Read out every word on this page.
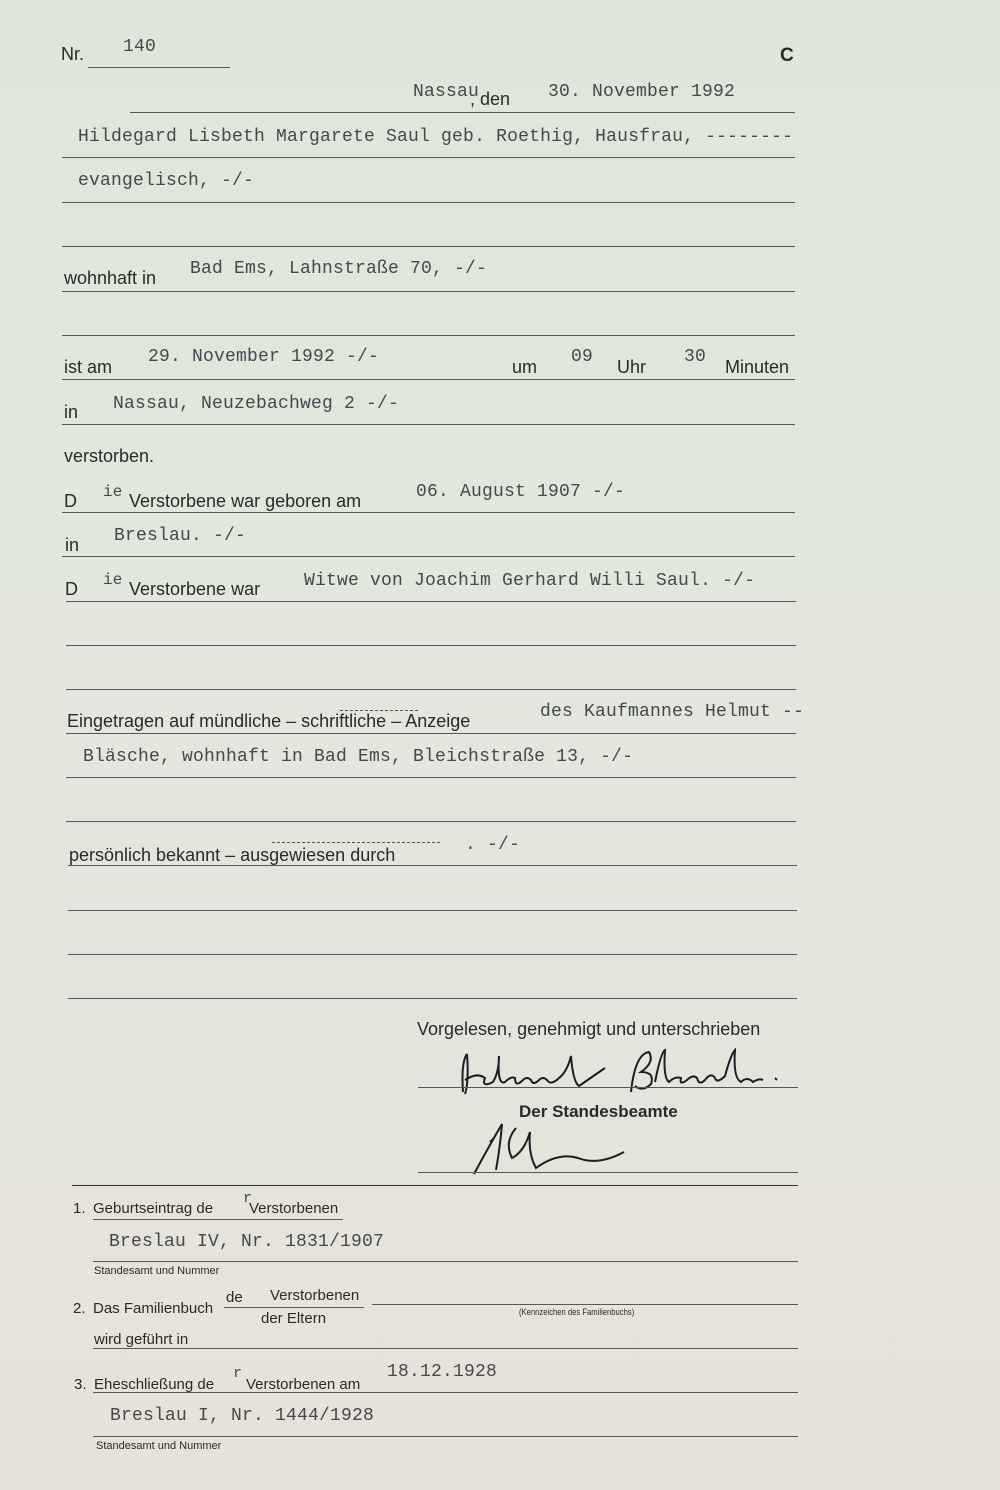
Nr. 140	C
Nassau
, den 30. November 1992
Hildegard Lisbeth Margarete Saul geb. Roethig, Hausfrau, --------
evangelisch, -/-
wohnhaft in Bad Ems, Lahnstraße 70, -/-
ist am 29. November 1992 -/-	um 09 Uhr 30 Minuten
in Nassau, Neuzebachweg 2 -/-
verstorben.
D ie Verstorbene war geboren am	06. August 1907 -/-
in Breslau. -/-
D ie Verstorbene war Witwe von Joachim Gerhard Willi Saul. -/-
Eingetragen auf mündliche – schriftliche – Anzeige	des Kaufmannes Helmut --
Bläsche, wohnhaft in Bad Ems, Bleichstraße 13, -/-
persönlich bekannt – ausgewiesen durch	. -/-
Vorgelesen, genehmigt und unterschrieben
Der Standesbeamte
1. Geburtseintrag de
r
Verstorbenen
Breslau IV, Nr. 1831/1907
Standesamt und Nummer
2. Das Familienbuch
de Verstorbenen
der Eltern	(Kennzeichen des Familienbuchs)
wird geführt in
3. Eheschließung de
r
Verstorbenen am
18.12.1928
Breslau I, Nr. 1444/1928
Standesamt und Nummer
